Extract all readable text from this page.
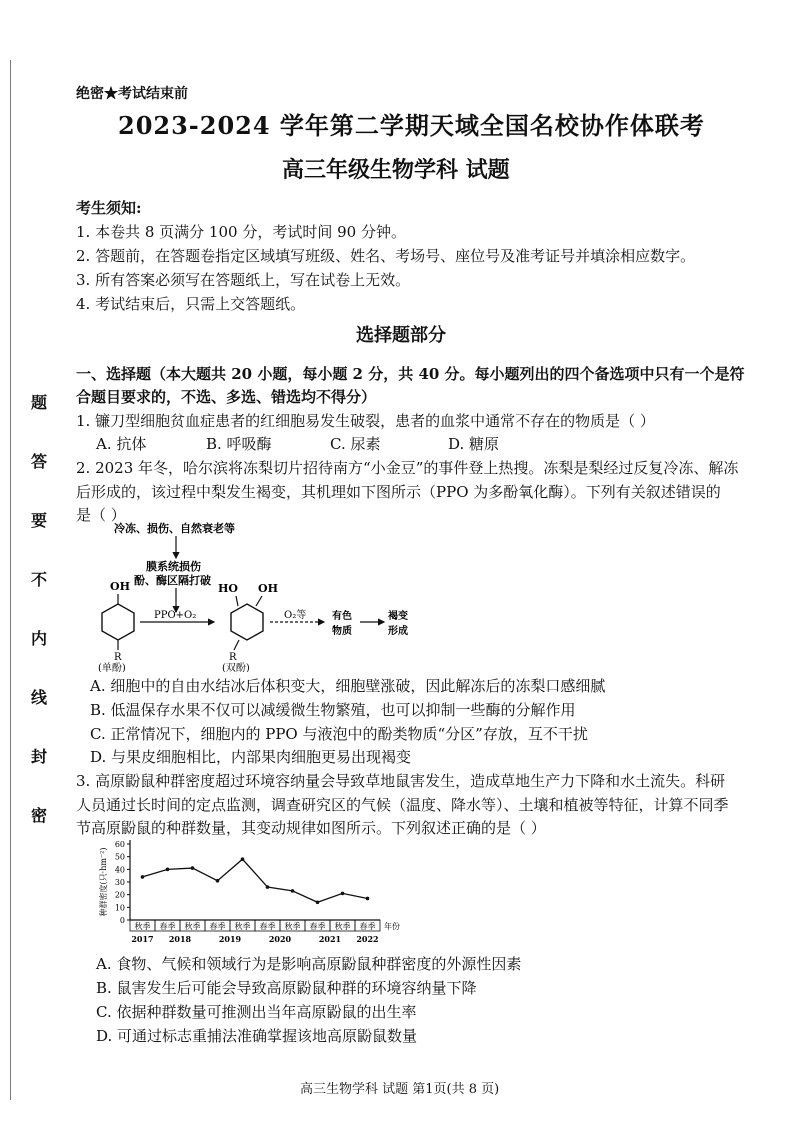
题
答
要
不
内
线
封
密
绝密★考试结束前
2023-2024 学年第二学期天域全国名校协作体联考
高三年级生物学科 试题
考生须知:
1. 本卷共 8 页满分 100 分，考试时间 90 分钟。
2. 答题前，在答题卷指定区域填写班级、姓名、考场号、座位号及准考证号并填涂相应数字。
3. 所有答案必须写在答题纸上，写在试卷上无效。
4. 考试结束后，只需上交答题纸。
选择题部分
一、选择题（本大题共 20 小题，每小题 2 分，共 40 分。每小题列出的四个备选项中只有一个是符
合题目要求的，不选、多选、错选均不得分）
1. 镰刀型细胞贫血症患者的红细胞易发生破裂，患者的血浆中通常不存在的物质是（ ）
A. 抗体	B. 呼吸酶	C. 尿素	D. 糖原
2. 2023 年冬，哈尔滨将冻梨切片招待南方“小金豆”的事件登上热搜。冻梨是梨经过反复冷冻、解冻
后形成的，该过程中梨发生褐变，其机理如下图所示（PPO 为多酚氧化酶）。下列有关叙述错误的
是（ ）
冷冻、损伤、自然衰老等
膜系统损伤
酚、酶区隔打破
OH
R
(单酚)
PPO+O₂
HO OH
R
(双酚)
O₂等	有色
物质
褐变
形成
A. 细胞中的自由水结冰后体积变大，细胞壁涨破，因此解冻后的冻梨口感细腻
B. 低温保存水果不仅可以减缓微生物繁殖，也可以抑制一些酶的分解作用
C. 正常情况下，细胞内的 PPO 与液泡中的酚类物质“分区”存放，互不干扰
D. 与果皮细胞相比，内部果肉细胞更易出现褐变
3. 高原鼢鼠种群密度超过环境容纳量会导致草地鼠害发生，造成草地生产力下降和水土流失。科研
人员通过长时间的定点监测，调查研究区的气候（温度、降水等）、土壤和植被等特征，计算不同季
节高原鼢鼠的种群数量，其变动规律如图所示。下列叙述正确的是（ ）
0
10
20
30
40
50
60
种群密度(只·hm⁻²)
秋季 春季 秋季 春季 秋季 春季 秋季 春季 秋季 春季
2017 2018	2019	2020	2021 2022
年份
A. 食物、气候和领域行为是影响高原鼢鼠种群密度的外源性因素
B. 鼠害发生后可能会导致高原鼢鼠种群的环境容纳量下降
C. 依据种群数量可推测出当年高原鼢鼠的出生率
D. 可通过标志重捕法准确掌握该地高原鼢鼠数量
高三生物学科 试题 第1页(共 8 页)
